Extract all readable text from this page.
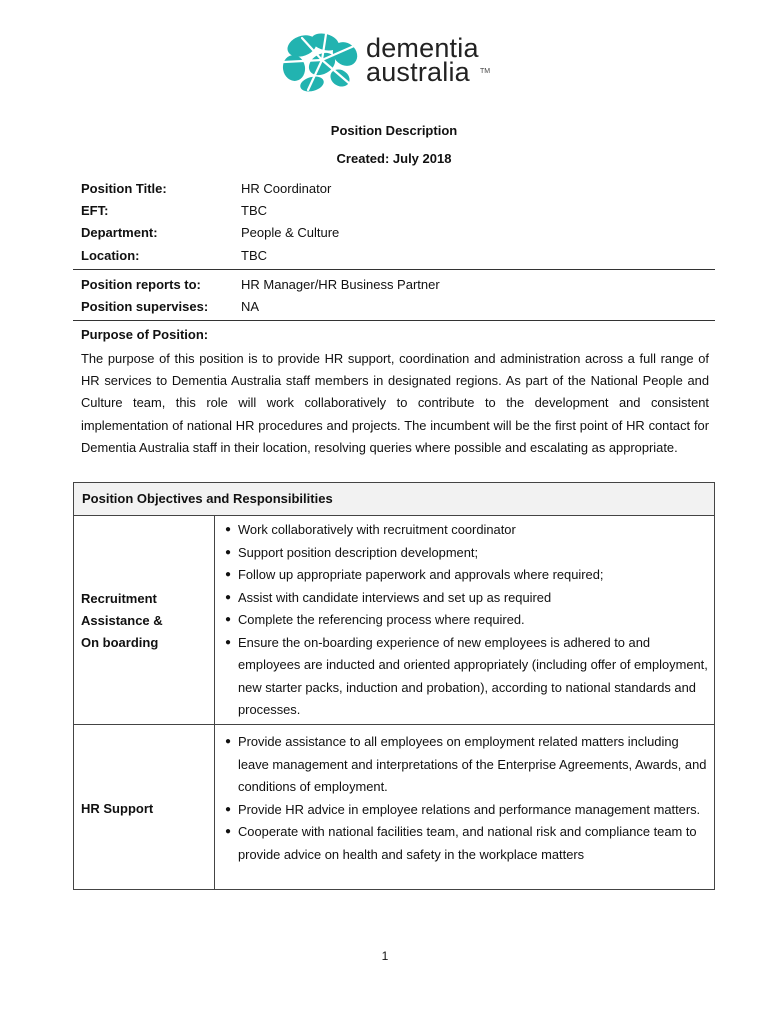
dementia
australia	TM
Position Description
Created: July 2018
Position Title:	HR Coordinator
EFT:	TBC
Department:	People & Culture
Location:	TBC
Position reports to:	HR Manager/HR Business Partner
Position supervises:	NA
Purpose of Position:
The purpose of this position is to provide HR support, coordination and administration across a full range of HR services to Dementia Australia staff members in designated regions. As part of the National People and Culture team, this role will work collaboratively to contribute to the development and consistent implementation of national HR procedures and projects. The incumbent will be the first point of HR contact for Dementia Australia staff in their location, resolving queries where possible and escalating as appropriate.
Position Objectives and Responsibilities
Recruitment
Assistance &
On boarding
● Work collaboratively with recruitment coordinator
● Support position description development;
● Follow up appropriate paperwork and approvals where required;
● Assist with candidate interviews and set up as required
● Complete the referencing process where required.
● Ensure the on-boarding experience of new employees is adhered to and employees are inducted and oriented appropriately (including offer of employment, new starter packs, induction and probation), according to national standards and processes.
HR Support
● Provide assistance to all employees on employment related matters including leave management and interpretations of the Enterprise Agreements, Awards, and conditions of employment.
● Provide HR advice in employee relations and performance management matters.
● Cooperate with national facilities team, and national risk and compliance team to provide advice on health and safety in the workplace matters
1
